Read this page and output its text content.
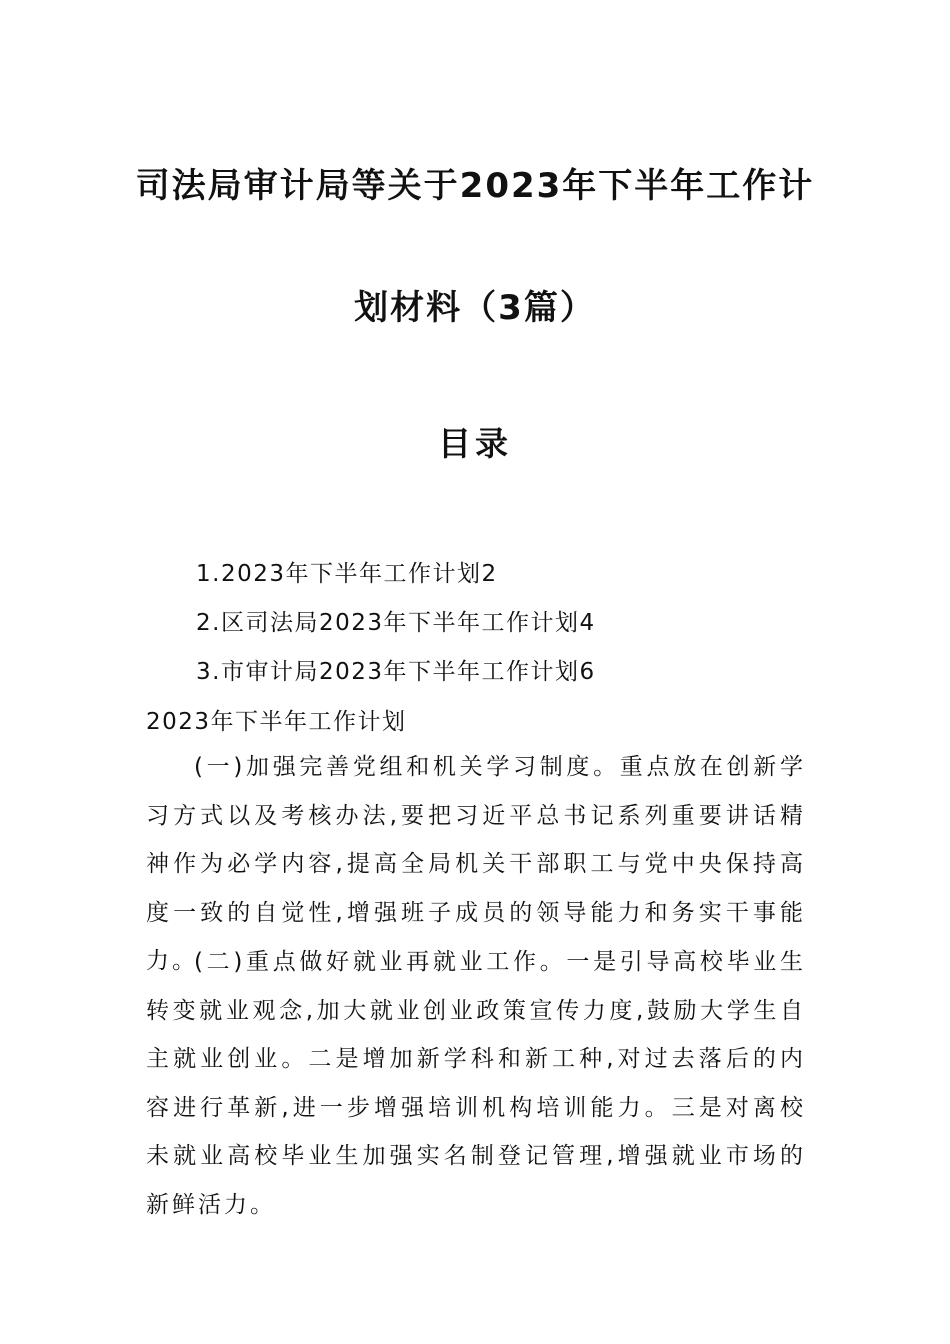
司法局审计局等关于2023年下半年工作计
划材料（3篇）
目录
1.2023年下半年工作计划2
2.区司法局2023年下半年工作计划4
3.市审计局2023年下半年工作计划6
2023年下半年工作计划
(一)加强完善党组和机关学习制度。重点放在创新学习方式以及考核办法,要把习近平总书记系列重要讲话精神作为必学内容,提高全局机关干部职工与党中央保持高度一致的自觉性,增强班子成员的领导能力和务实干事能力。
(二)重点做好就业再就业工作。一是引导高校毕业生转变就业观念,加大就业创业政策宣传力度,鼓励大学生自主就业创业。二是增加新学科和新工种,对过去落后的内容进行革新,进一步增强培训机构培训能力。三是对离校未就业高校毕业生加强实名制登记管理,增强就业市场的新鲜活力。
